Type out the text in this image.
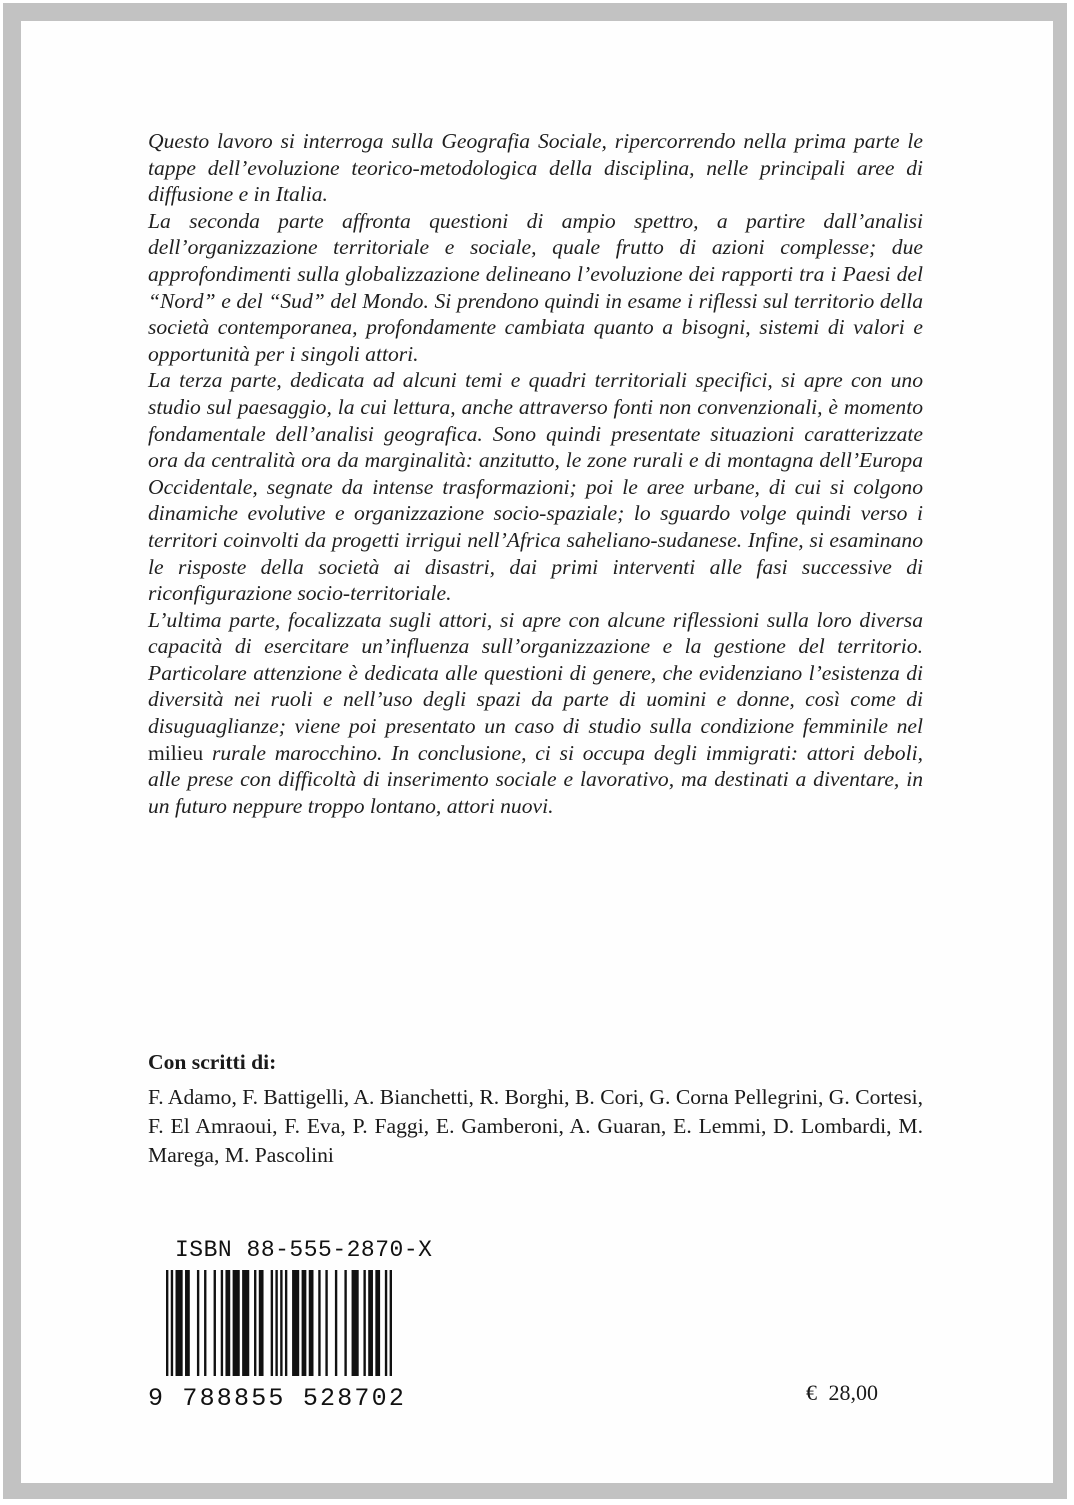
Questo lavoro si interroga sulla Geografia Sociale, ripercorrendo nella prima parte le tappe dell’evoluzione teorico-metodologica della disciplina, nelle principali aree di diffusione e in Italia.

La seconda parte affronta questioni di ampio spettro, a partire dall’analisi dell’organizzazione territoriale e sociale, quale frutto di azioni complesse; due approfondimenti sulla globalizzazione delineano l’evoluzione dei rapporti tra i Paesi del “Nord” e del “Sud” del Mondo. Si prendono quindi in esame i riflessi sul territorio della società contemporanea, profondamente cambiata quanto a bisogni, sistemi di valori e opportunità per i singoli attori.

La terza parte, dedicata ad alcuni temi e quadri territoriali specifici, si apre con uno studio sul paesaggio, la cui lettura, anche attraverso fonti non convenzionali, è momento fondamentale dell’analisi geografica. Sono quindi presentate situazioni caratterizzate ora da centralità ora da marginalità: anzitutto, le zone rurali e di montagna dell’Europa Occidentale, segnate da intense trasformazioni; poi le aree urbane, di cui si colgono dinamiche evolutive e organizzazione socio-spaziale; lo sguardo volge quindi verso i territori coinvolti da progetti irrigui nell’Africa saheliano-sudanese. Infine, si esaminano le risposte della società ai disastri, dai primi interventi alle fasi successive di riconfigurazione socio-territoriale.

L’ultima parte, focalizzata sugli attori, si apre con alcune riflessioni sulla loro diversa capacità di esercitare un’influenza sull’organizzazione e la gestione del territorio. Particolare attenzione è dedicata alle questioni di genere, che evidenziano l’esistenza di diversità nei ruoli e nell’uso degli spazi da parte di uomini e donne, così come di disuguaglianze; viene poi presentato un caso di studio sulla condizione femminile nel milieu rurale marocchino. In conclusione, ci si occupa degli immigrati: attori deboli, alle prese con difficoltà di inserimento sociale e lavorativo, ma destinati a diventare, in un futuro neppure troppo lontano, attori nuovi.

Con scritti di:

F. Adamo, F. Battigelli, A. Bianchetti, R. Borghi, B. Cori, G. Corna Pellegrini, G. Cortesi, F. El Amraoui, F. Eva, P. Faggi, E. Gamberoni, A. Guaran, E. Lemmi, D. Lombardi, M. Marega, M. Pascolini

ISBN 88-555-2870-X
9 788855 528702	€ 28,00
